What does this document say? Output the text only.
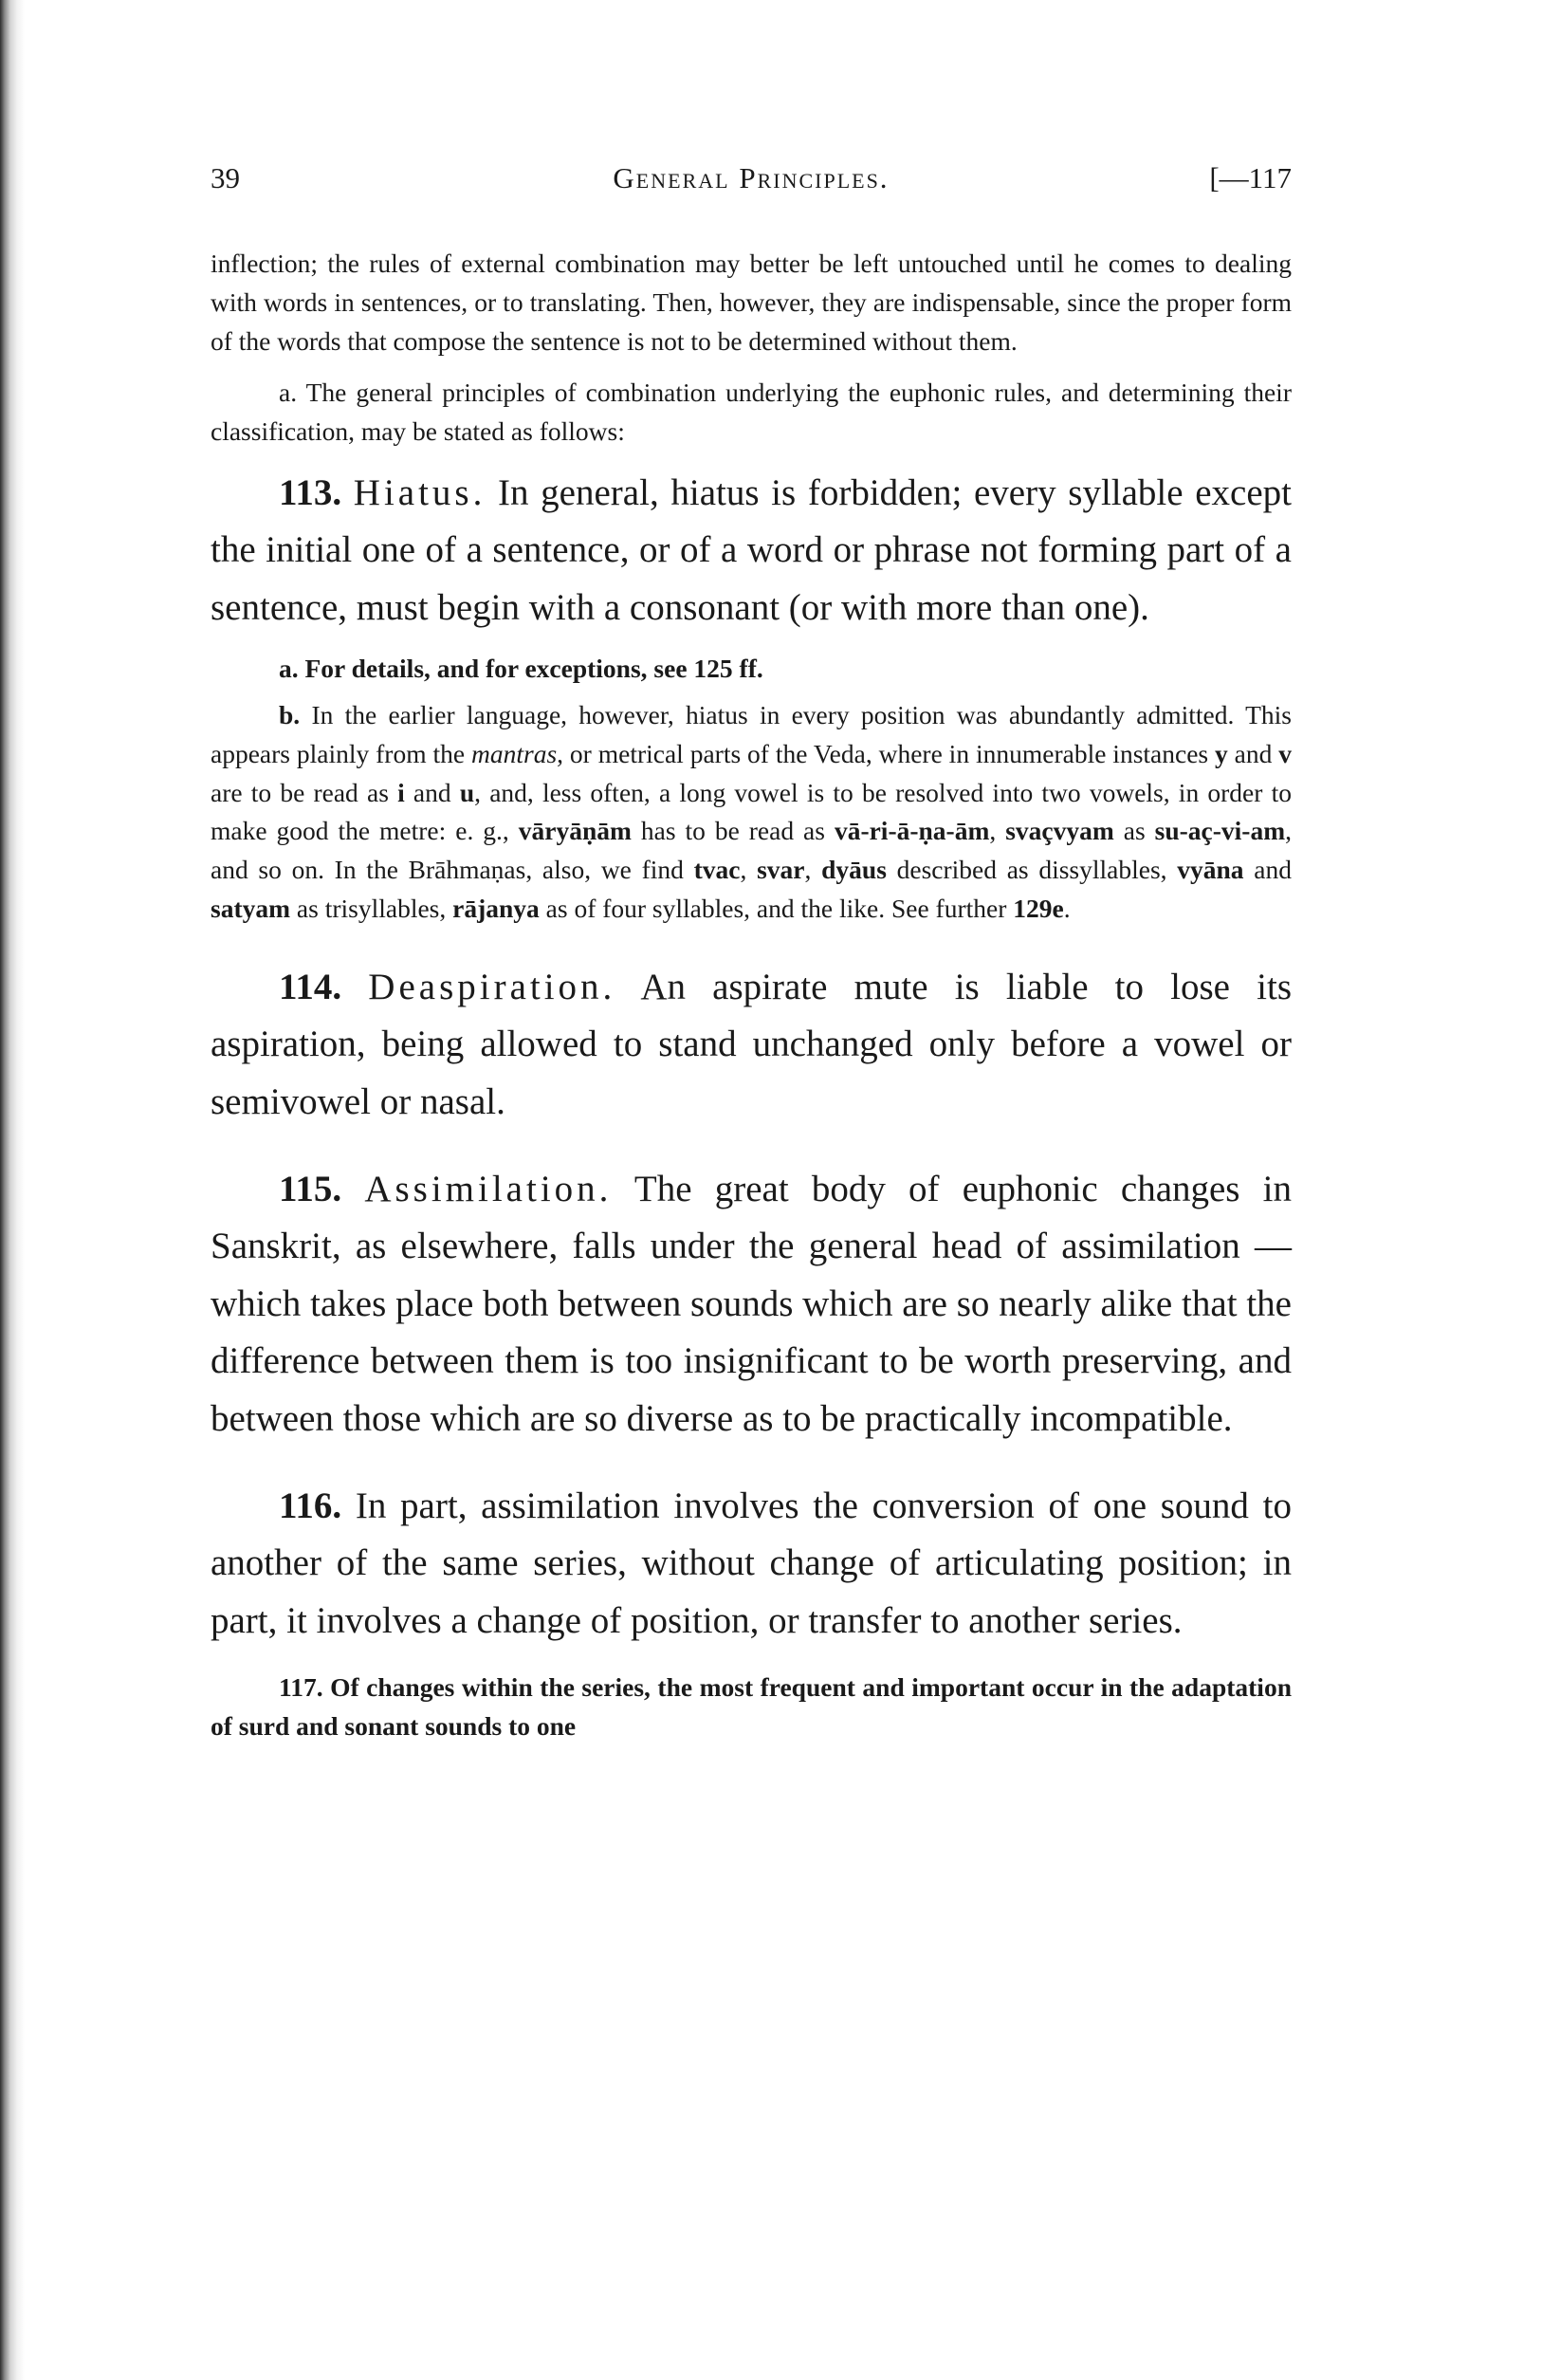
39	General Principles.	[—117

inflection; the rules of external combination may better be left untouched until he comes to dealing with words in sentences, or to translating. Then, however, they are indispensable, since the proper form of the words that compose the sentence is not to be determined without them.

a. The general principles of combination underlying the euphonic rules, and determining their classification, may be stated as follows:

113. Hiatus. In general, hiatus is forbidden; every syllable except the initial one of a sentence, or of a word or phrase not forming part of a sentence, must begin with a consonant (or with more than one).

a. For details, and for exceptions, see 125 ff.

b. In the earlier language, however, hiatus in every position was abundantly admitted. This appears plainly from the mantras, or metrical parts of the Veda, where in innumerable instances y and v are to be read as i and u, and, less often, a long vowel is to be resolved into two vowels, in order to make good the metre: e. g., vāryāṇām has to be read as vā-ri-ā-ṇa-ām, svaçvyam as su-aç-vi-am, and so on. In the Brāhmaṇas, also, we find tvac, svar, dyāus described as dissyllables, vyāna and satyam as trisyllables, rājanya as of four syllables, and the like. See further 129e.

114. Deaspiration. An aspirate mute is liable to lose its aspiration, being allowed to stand unchanged only before a vowel or semivowel or nasal.

115. Assimilation. The great body of euphonic changes in Sanskrit, as elsewhere, falls under the general head of assimilation — which takes place both between sounds which are so nearly alike that the difference between them is too insignificant to be worth preserving, and between those which are so diverse as to be practically incompatible.

116. In part, assimilation involves the conversion of one sound to another of the same series, without change of articulating position; in part, it involves a change of position, or transfer to another series.

117. Of changes within the series, the most frequent and important occur in the adaptation of surd and sonant sounds to one
